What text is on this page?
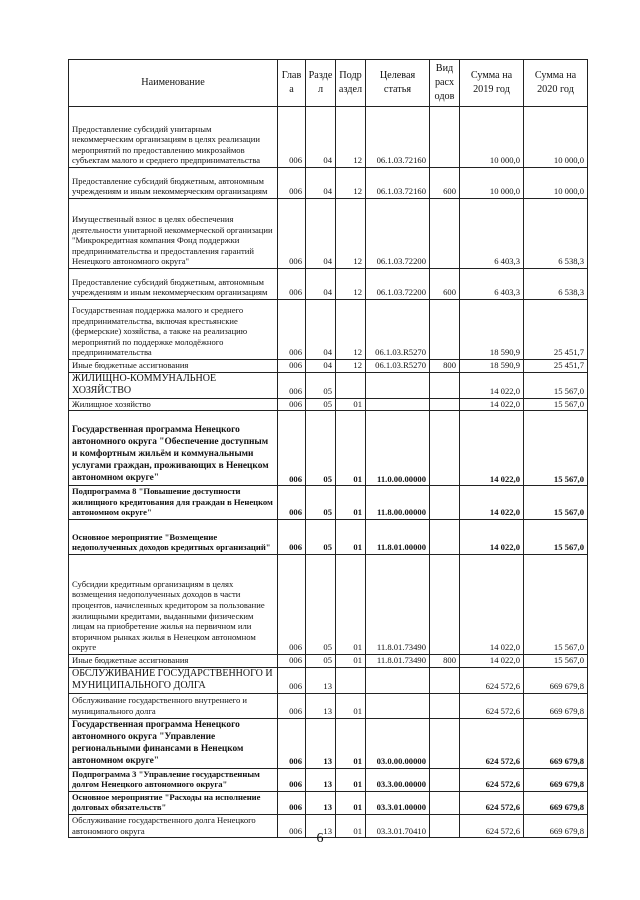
Наименование	Глав а	Разде л	Подр аздел	Целевая статья	Вид расх одов	Сумма на 2019 год	Сумма на 2020 год
Предоставление субсидий унитарным некоммерческим организациям в целях реализации мероприятий по предоставлению микрозаймов субъектам малого и среднего предпринимательства	006	04	12	06.1.03.72160		10 000,0	10 000,0
Предоставление субсидий бюджетным, автономным учреждениям и иным некоммерческим организациям	006	04	12	06.1.03.72160	600	10 000,0	10 000,0
Имущественный взнос в целях обеспечения деятельности унитарной некоммерческой организации "Микрокредитная компания Фонд поддержки предпринимательства и предоставления гарантий Ненецкого автономного округа"	006	04	12	06.1.03.72200		6 403,3	6 538,3
Предоставление субсидий бюджетным, автономным учреждениям и иным некоммерческим организациям	006	04	12	06.1.03.72200	600	6 403,3	6 538,3
Государственная поддержка малого и среднего предпринимательства, включая крестьянские (фермерские) хозяйства, а также на реализацию мероприятий по поддержке молодёжного предпринимательства	006	04	12	06.1.03.R5270		18 590,9	25 451,7
Иные бюджетные ассигнования	006	04	12	06.1.03.R5270	800	18 590,9	25 451,7
ЖИЛИЩНО-КОММУНАЛЬНОЕ ХОЗЯЙСТВО	006	05				14 022,0	15 567,0
Жилищное хозяйство	006	05	01			14 022,0	15 567,0
Государственная программа Ненецкого автономного округа "Обеспечение доступным и комфортным жильём и коммунальными услугами граждан, проживающих в Ненецком автономном округе"	006	05	01	11.0.00.00000		14 022,0	15 567,0
Подпрограмма 8 "Повышение доступности жилищного кредитования для граждан в Ненецком автономном округе"	006	05	01	11.8.00.00000		14 022,0	15 567,0
Основное мероприятие "Возмещение недополученных доходов кредитных организаций"	006	05	01	11.8.01.00000		14 022,0	15 567,0
Субсидии кредитным организациям в целях возмещения недополученных доходов в части процентов, начисленных кредитором за пользование жилищными кредитами, выданными физическим лицам на приобретение жилья на первичном или вторичном рынках жилья в Ненецком автономном округе	006	05	01	11.8.01.73490		14 022,0	15 567,0
Иные бюджетные ассигнования	006	05	01	11.8.01.73490	800	14 022,0	15 567,0
ОБСЛУЖИВАНИЕ ГОСУДАРСТВЕННОГО И МУНИЦИПАЛЬНОГО ДОЛГА	006	13				624 572,6	669 679,8
Обслуживание государственного внутреннего и муниципального долга	006	13	01			624 572,6	669 679,8
Государственная программа Ненецкого автономного округа "Управление региональными финансами в Ненецком автономном округе"	006	13	01	03.0.00.00000		624 572,6	669 679,8
Подпрограмма 3 "Управление государственным долгом Ненецкого автономного округа"	006	13	01	03.3.00.00000		624 572,6	669 679,8
Основное мероприятие "Расходы на исполнение долговых обязательств"	006	13	01	03.3.01.00000		624 572,6	669 679,8
Обслуживание государственного долга Ненецкого автономного округа	006	13	01	03.3.01.70410		624 572,6	669 679,8
6
